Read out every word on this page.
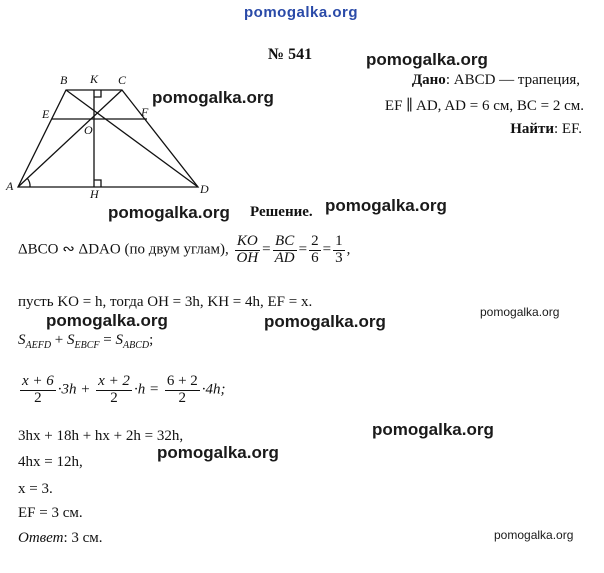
pomogalka.org
№ 541	pomogalka.org
pomogalka.org
pomogalka.org	pomogalka.org
pomogalka.org
pomogalka.org	pomogalka.org
pomogalka.org
pomogalka.org
pomogalka.org
Дано: ABCD — трапеция,
EF ∥ AD, AD = 6 см, BC = 2 см.
Найти: EF.
B K C
E	F
O
A
H	D
Решение.
ΔBCO ∾ ΔDAO (по двум углам), $\frac{KO}{OH} = \frac{BC}{AD} = \frac{2}{6} = \frac{1}{3}$ ,
пусть KO = h, тогда OH = 3h, KH = 4h, EF = x.
$S_{AEFD} + S_{EBCF} = S_{ABCD}$;
$\frac{x + 6}{2} \cdot 3h + \frac{x + 2}{2} \cdot h = \frac{6 + 2}{2} \cdot 4h$;
3hx + 18h + hx + 2h = 32h,
4hx = 12h,
x = 3.
EF = 3 см.
Ответ: 3 см.
